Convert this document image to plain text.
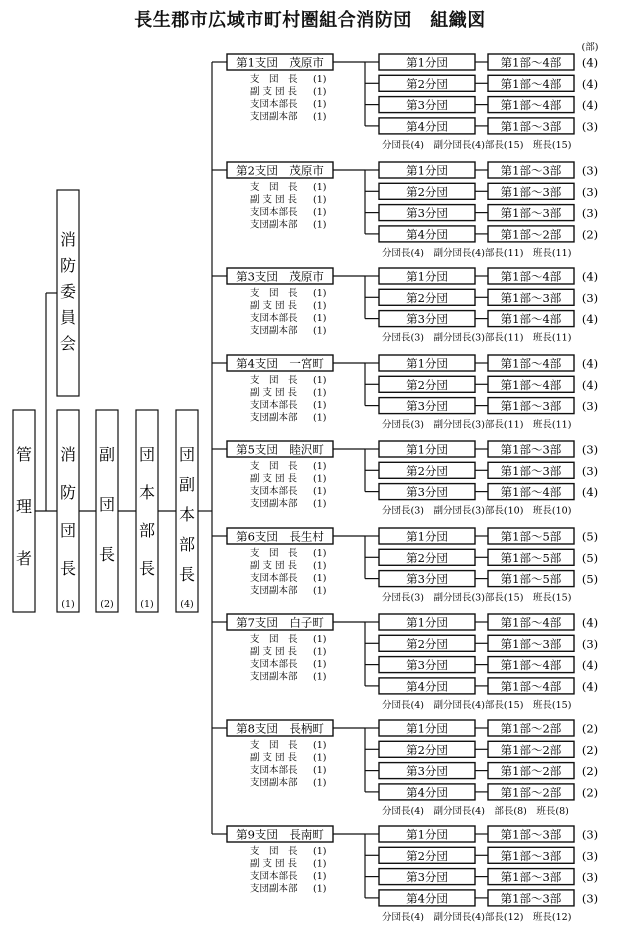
長生郡市広域市町村圏組合消防団　組織図
管
理
者
消
防
団
長
(1)
副
団
長
(2)
団
本
部
長
(1)
団
副
本
部
長
(4)
消
防
委
員
会
(部)
第1支団　茂原市
支　団　長 (1)
副 支 団 長 (1)
支団本部長 (1)
支団副本部 (1)
第1分団	第1部～4部 (4)
第2分団	第1部～4部 (4)
第3分団	第1部～4部 (4)
第4分団	第1部～3部 (3)
分団長(4)　副分団長(4)部長(15)　班長(15)
第2支団　茂原市
支　団　長 (1)
副 支 団 長 (1)
支団本部長 (1)
支団副本部 (1)
第1分団	第1部～3部 (3)
第2分団	第1部～3部 (3)
第3分団	第1部～3部 (3)
第4分団	第1部～2部 (2)
分団長(4)　副分団長(4)部長(11)　班長(11)
第3支団　茂原市
支　団　長 (1)
副 支 団 長 (1)
支団本部長 (1)
支団副本部 (1)
第1分団	第1部～4部 (4)
第2分団	第1部～3部 (3)
第3分団	第1部～4部 (4)
分団長(3)　副分団長(3)部長(11)　班長(11)
第4支団　一宮町
支　団　長 (1)
副 支 団 長 (1)
支団本部長 (1)
支団副本部 (1)
第1分団	第1部～4部 (4)
第2分団	第1部～4部 (4)
第3分団	第1部～3部 (3)
分団長(3)　副分団長(3)部長(11)　班長(11)
第5支団　睦沢町
支　団　長 (1)
副 支 団 長 (1)
支団本部長 (1)
支団副本部 (1)
第1分団	第1部～3部 (3)
第2分団	第1部～3部 (3)
第3分団	第1部～4部 (4)
分団長(3)　副分団長(3)部長(10)　班長(10)
第6支団　長生村
支　団　長 (1)
副 支 団 長 (1)
支団本部長 (1)
支団副本部 (1)
第1分団	第1部～5部 (5)
第2分団	第1部～5部 (5)
第3分団	第1部～5部 (5)
分団長(3)　副分団長(3)部長(15)　班長(15)
第7支団　白子町
支　団　長 (1)
副 支 団 長 (1)
支団本部長 (1)
支団副本部 (1)
第1分団	第1部～4部 (4)
第2分団	第1部～3部 (3)
第3分団	第1部～4部 (4)
第4分団	第1部～4部 (4)
分団長(4)　副分団長(4)部長(15)　班長(15)
第8支団　長柄町
支　団　長 (1)
副 支 団 長 (1)
支団本部長 (1)
支団副本部 (1)
第1分団	第1部～2部 (2)
第2分団	第1部～2部 (2)
第3分団	第1部～2部 (2)
第4分団	第1部～2部 (2)
分団長(4)　副分団長(4)　部長(8)　班長(8)
第9支団　長南町
支　団　長 (1)
副 支 団 長 (1)
支団本部長 (1)
支団副本部 (1)
第1分団	第1部～3部 (3)
第2分団	第1部～3部 (3)
第3分団	第1部～3部 (3)
第4分団	第1部～3部 (3)
分団長(4)　副分団長(4)部長(12)　班長(12)
